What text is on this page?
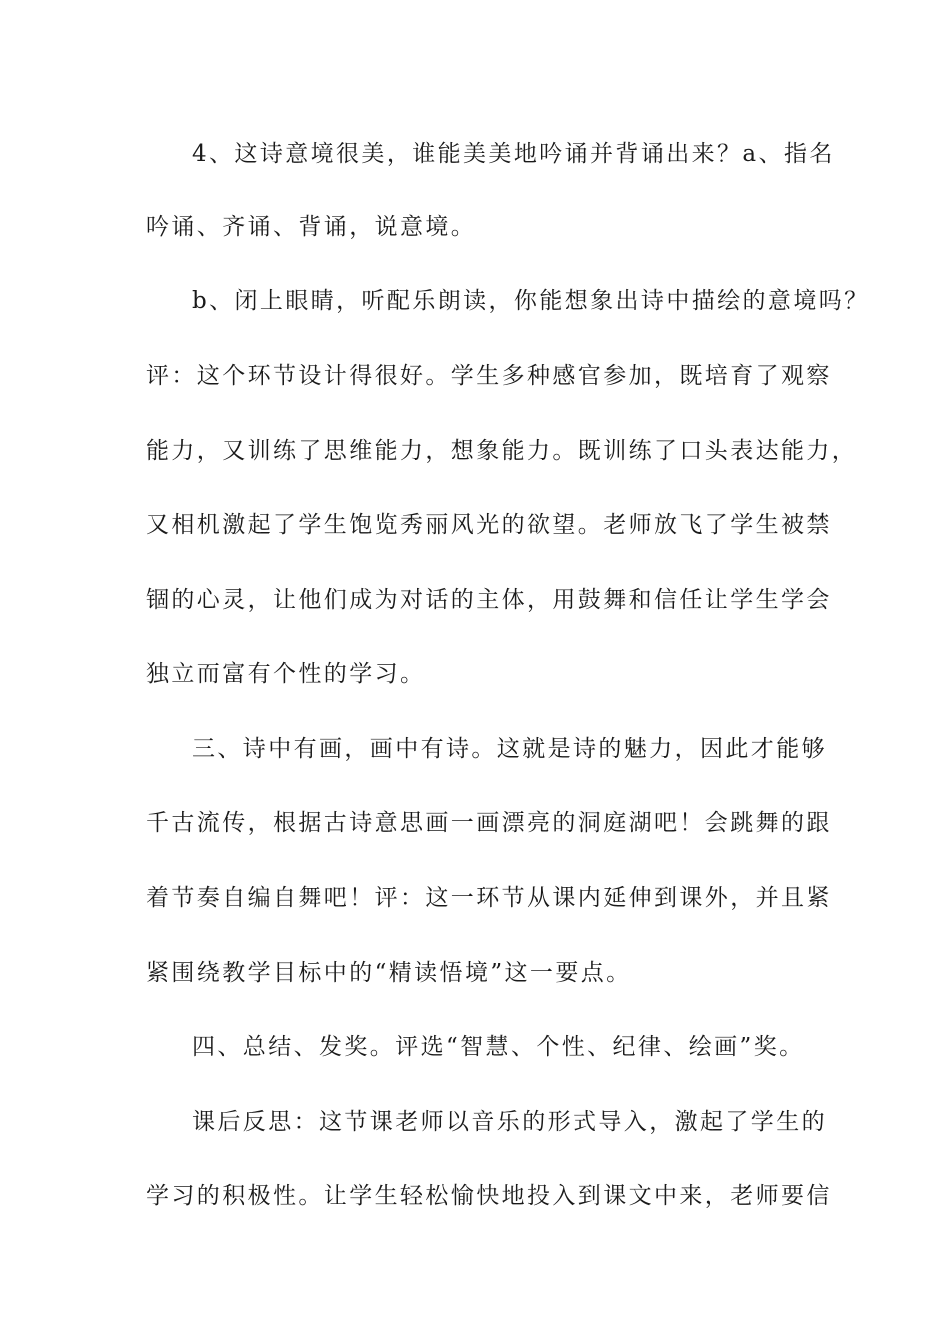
4、这诗意境很美，谁能美美地吟诵并背诵出来？a、指名
吟诵、齐诵、背诵，说意境。
b、闭上眼睛，听配乐朗读，你能想象出诗中描绘的意境吗？
评：这个环节设计得很好。学生多种感官参加，既培育了观察
能力，又训练了思维能力，想象能力。既训练了口头表达能力，
又相机激起了学生饱览秀丽风光的欲望。老师放飞了学生被禁
锢的心灵，让他们成为对话的主体，用鼓舞和信任让学生学会
独立而富有个性的学习。
三、诗中有画，画中有诗。这就是诗的魅力，因此才能够
千古流传，根据古诗意思画一画漂亮的洞庭湖吧！会跳舞的跟
着节奏自编自舞吧！评：这一环节从课内延伸到课外，并且紧
紧围绕教学目标中的“精读悟境”这一要点。
四、总结、发奖。评选“智慧、个性、纪律、绘画”奖。
课后反思：这节课老师以音乐的形式导入，激起了学生的
学习的积极性。让学生轻松愉快地投入到课文中来，老师要信
